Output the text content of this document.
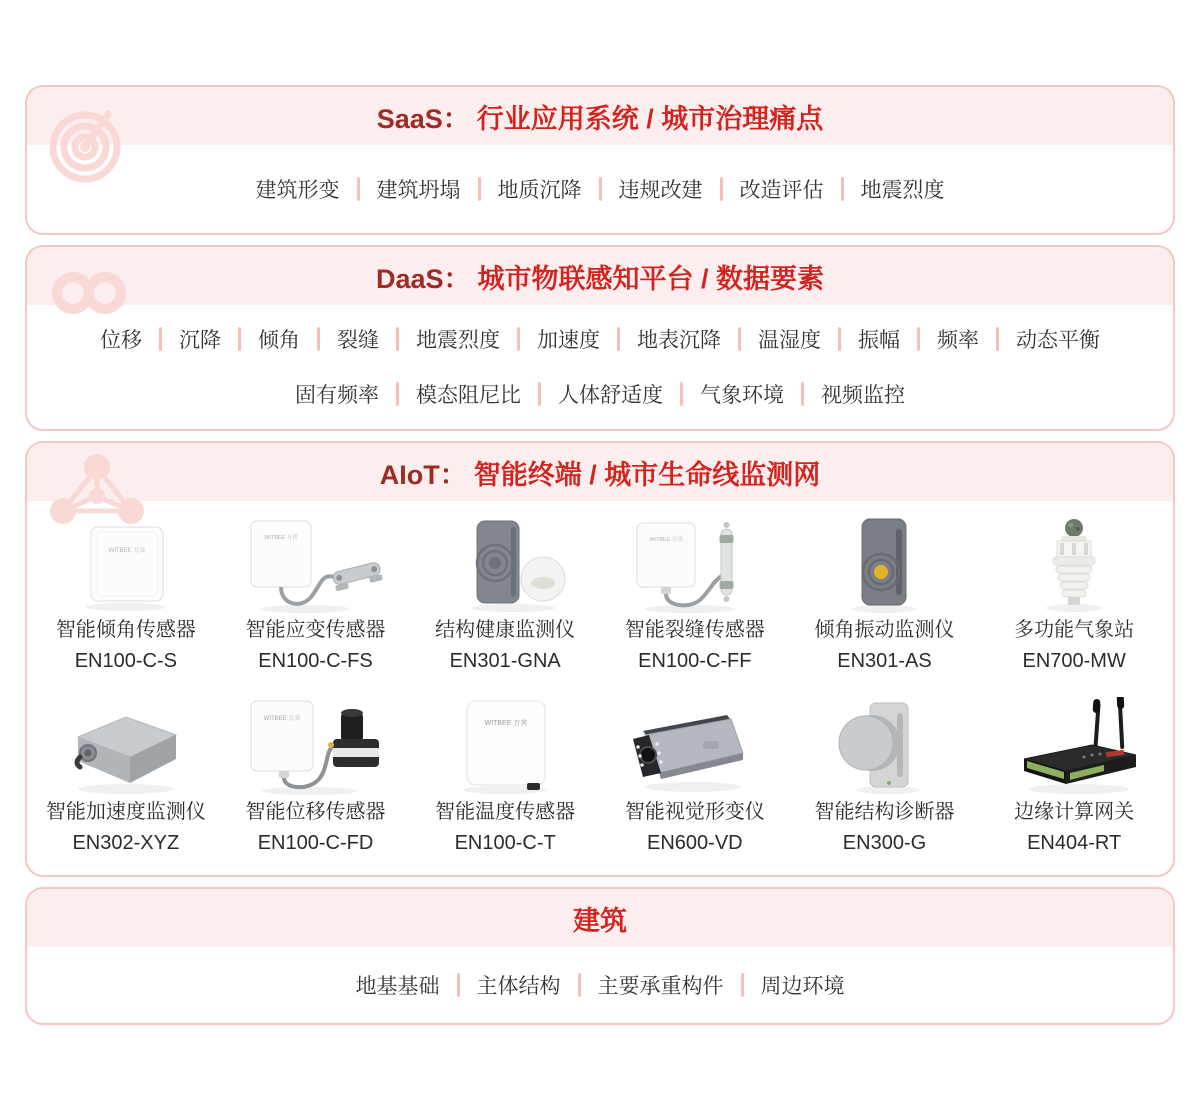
SaaS： 行业应用系统 / 城市治理痛点
建筑形变	建筑坍塌	地质沉降	违规改建	改造评估	地震烈度
DaaS： 城市物联感知平台 / 数据要素
位移	沉降	倾角	裂缝	地震烈度	加速度	地表沉降	温湿度	振幅	频率	动态平衡
固有频率	模态阻尼比	人体舒适度	气象环境	视频监控
AIoT： 智能终端 / 城市生命线监测网
WITBEE 万宾
智能倾角传感器
EN100-C-S
WITBEE 万宾
智能应变传感器
EN100-C-FS
结构健康监测仪
EN301-GNA
WITBEE 万宾
智能裂缝传感器
EN100-C-FF
倾角振动监测仪
EN301-AS
多功能气象站
EN700-MW
智能加速度监测仪
EN302-XYZ
WITBEE 万宾
智能位移传感器
EN100-C-FD
WITBEE 万宾
智能温度传感器
EN100-C-T
智能视觉形变仪
EN600-VD
智能结构诊断器
EN300-G
边缘计算网关
EN404-RT
建筑
地基基础	主体结构	主要承重构件	周边环境
